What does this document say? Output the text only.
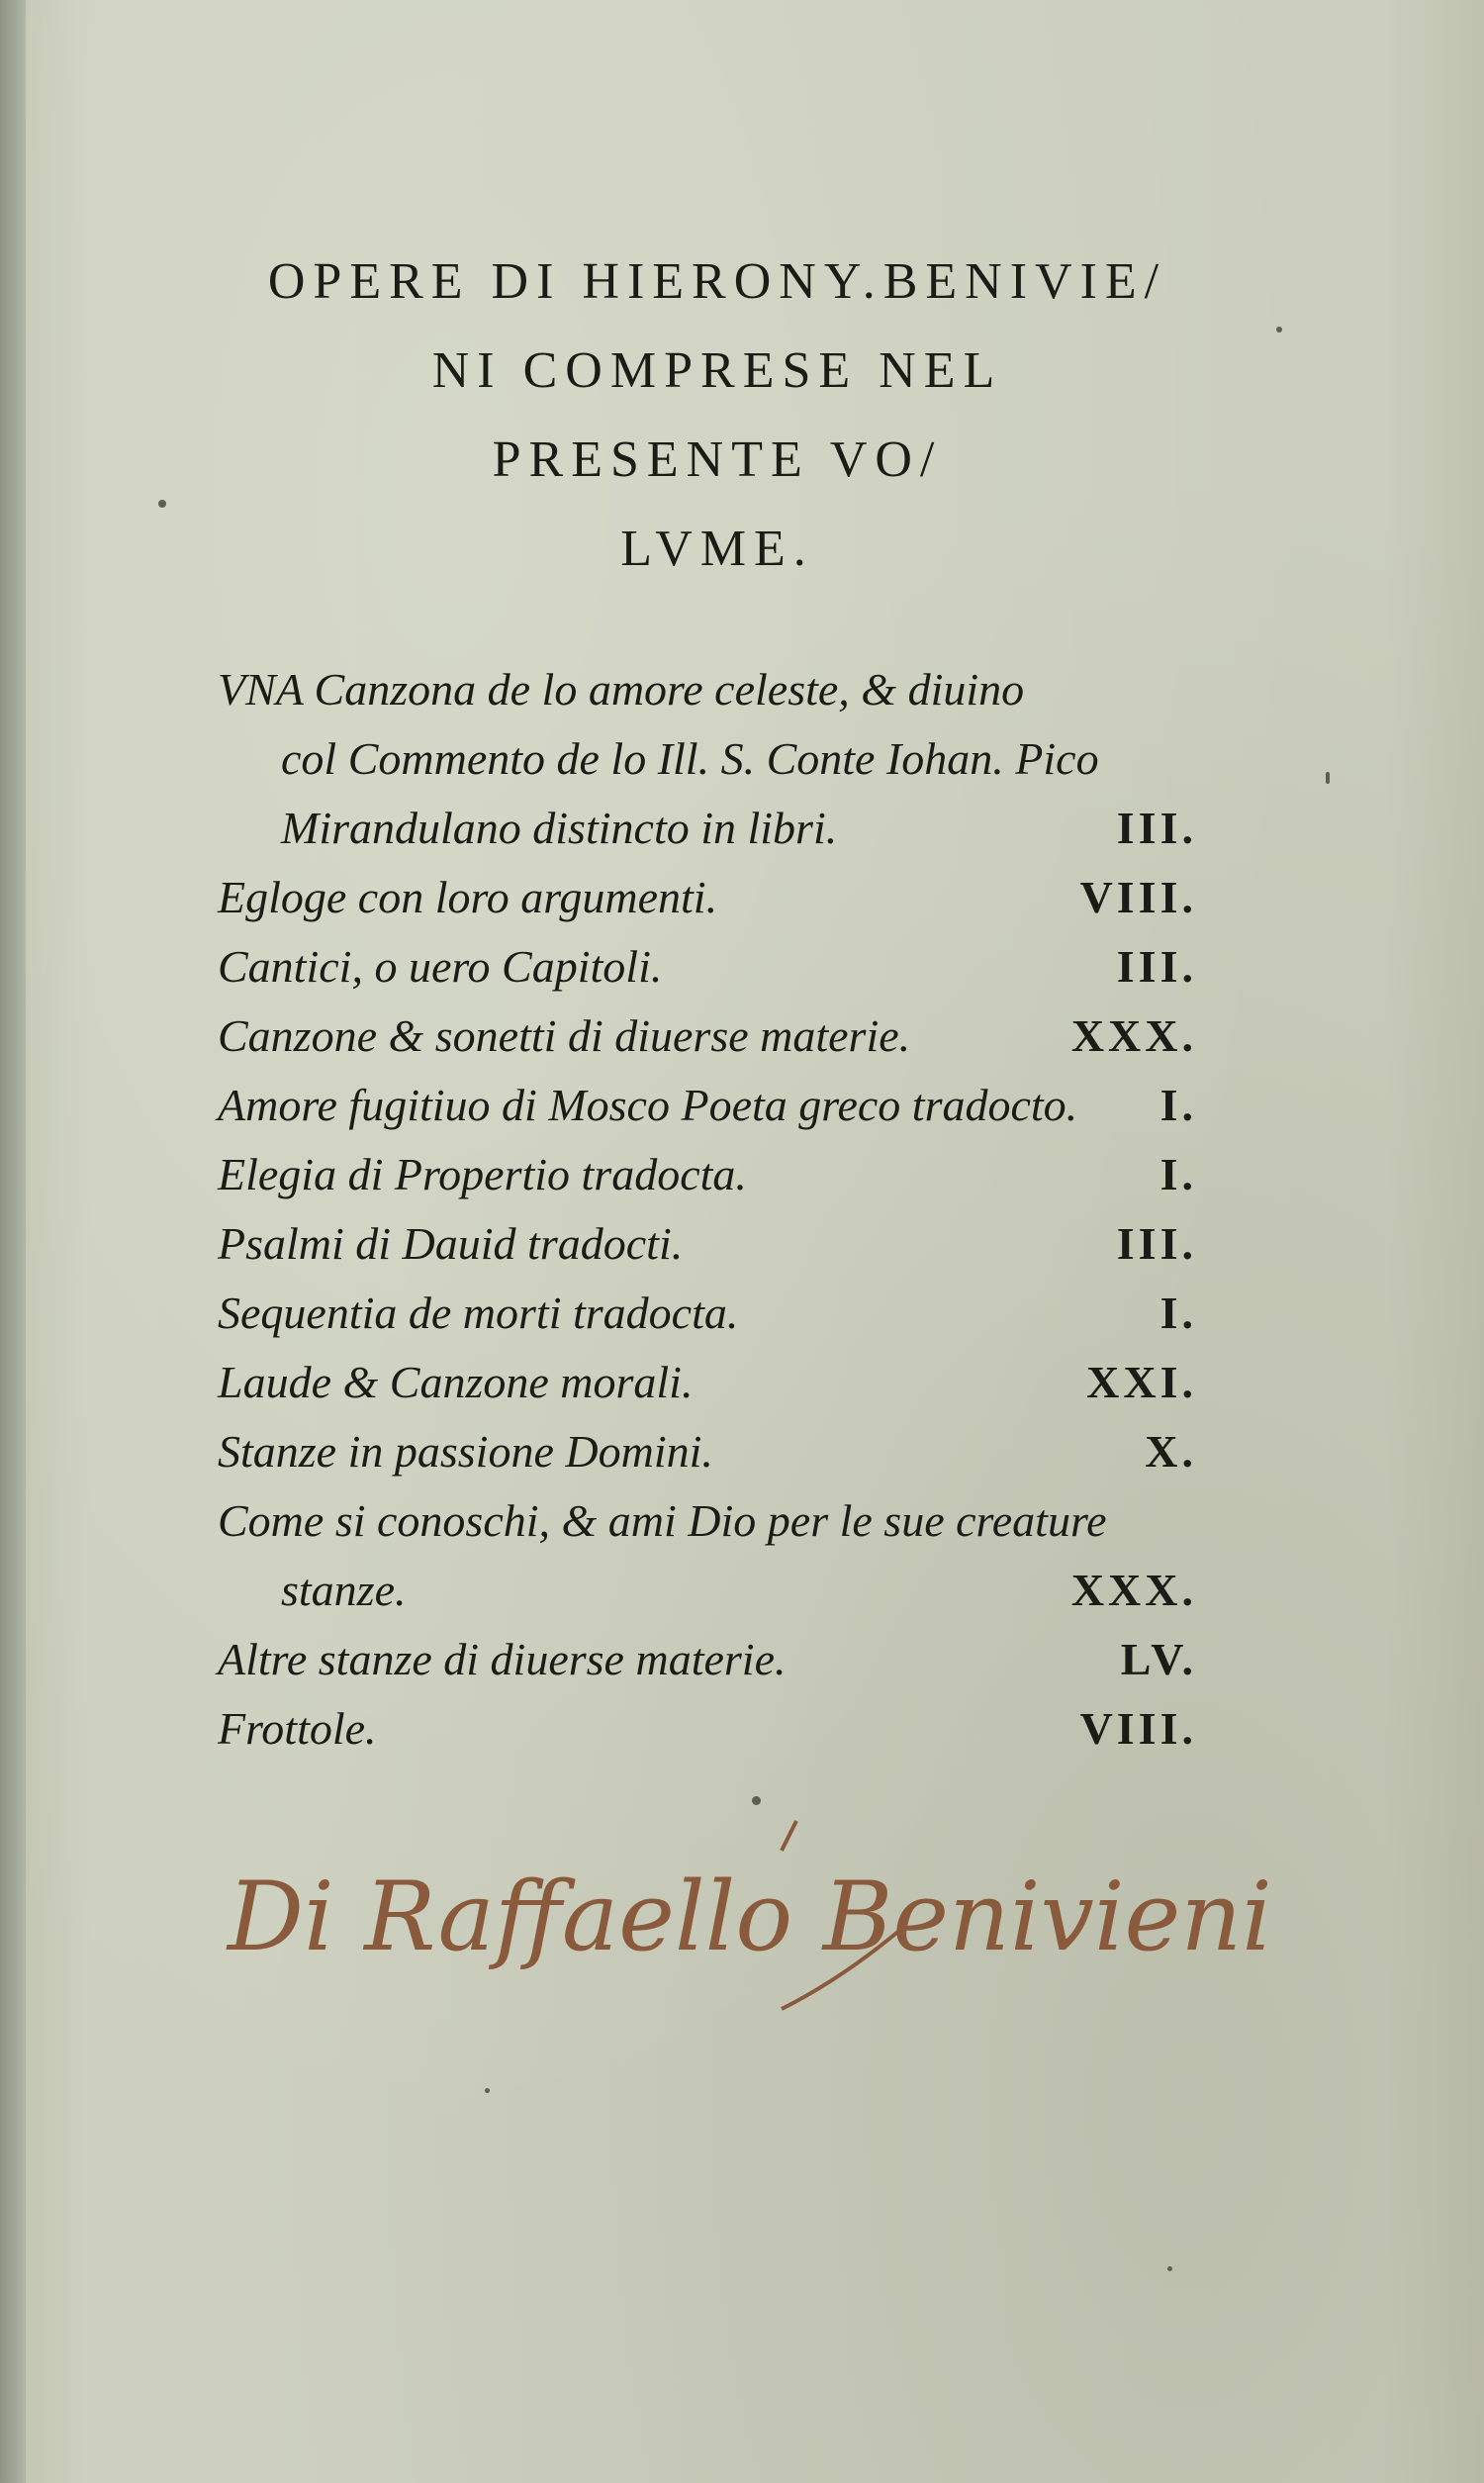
OPERE DI HIERONY.BENIVIE/
NI COMPRESE NEL
PRESENTE VO/
LVME.
VNA Canzona de lo amore celeste, & diuino
col Commento de lo Ill. S. Conte Iohan. Pico
Mirandulano distincto in libri.	III.
Egloge con loro argumenti.	VIII.
Cantici, o uero Capitoli.	III.
Canzone & sonetti di diuerse materie.	XXX.
Amore fugitiuo di Mosco Poeta greco tradocto. I.
Elegia di Propertio tradocta.	I.
Psalmi di Dauid tradocti.	III.
Sequentia de morti tradocta.	I.
Laude & Canzone morali.	XXI.
Stanze in passione Domini.	X.
Come si conoschi, & ami Dio per le sue creature
stanze.	XXX.
Altre stanze di diuerse materie.	LV.
Frottole.	VIII.
Di Raffaello Benivieni
